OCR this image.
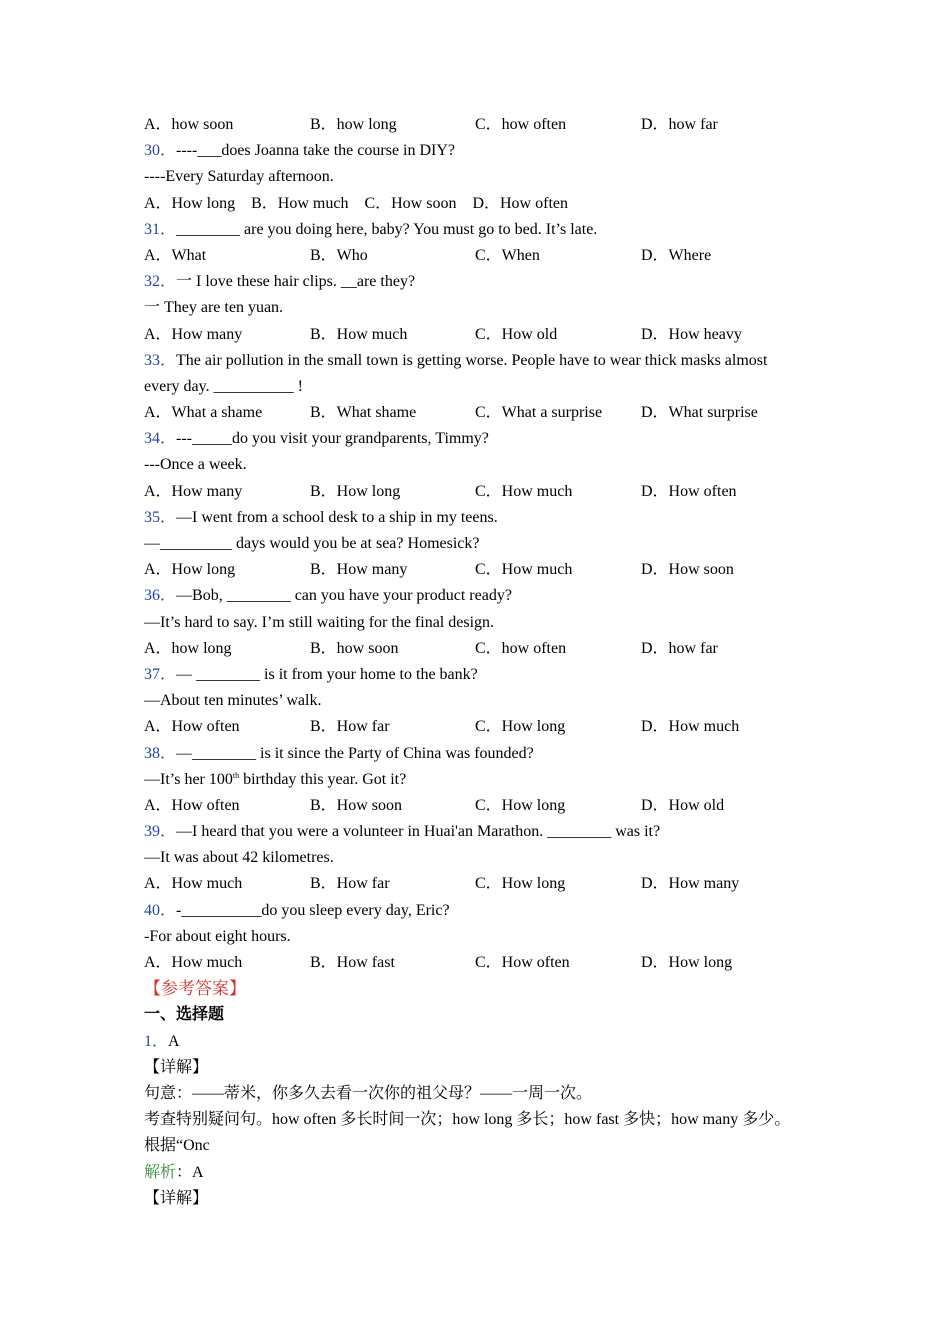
A．how soon	B．how long	C．how often	D．how far
30．----___does Joanna take the course in DIY?
----Every Saturday afternoon.
A．How long　B．How much　C．How soon　D．How often
31．________ are you doing here, baby? You must go to bed. It’s late.
A．What	B．Who	C．When	D．Where
32．一 I love these hair clips. __are they?
一 They are ten yuan.
A．How many	B．How much	C．How old	D．How heavy
33．The air pollution in the small town is getting worse. People have to wear thick masks almost
every day. __________ !
A．What a shame	B．What shame	C．What a surprise D．What surprise
34．---_____do you visit your grandparents, Timmy?
---Once a week.
A．How many	B．How long	C．How much	D．How often
35．—I went from a school desk to a ship in my teens.
—_________ days would you be at sea? Homesick?
A．How long	B．How many	C．How much	D．How soon
36．—Bob, ________ can you have your product ready?
—It’s hard to say. I’m still waiting for the final design.
A．how long	B．how soon	C．how often	D．how far
37．— ________ is it from your home to the bank?
—About ten minutes’ walk.
A．How often	B．How far	C．How long	D．How much
38．—________ is it since the Party of China was founded?
—It’s her 100th birthday this year. Got it?
A．How often	B．How soon	C．How long	D．How old
39．—I heard that you were a volunteer in Huai'an Marathon. ________ was it?
—It was about 42 kilometres.
A．How much	B．How far	C．How long	D．How many
40．-__________do you sleep every day, Eric?
-For about eight hours.
A．How much	B．How fast	C．How often	D．How long
【参考答案】
一、选择题
1．A
【详解】
句意：——蒂米，你多久去看一次你的祖父母？——一周一次。
考查特别疑问句。how often 多长时间一次；how long 多长；how fast 多快；how many 多少。
根据“Onc
解析：A
【详解】
